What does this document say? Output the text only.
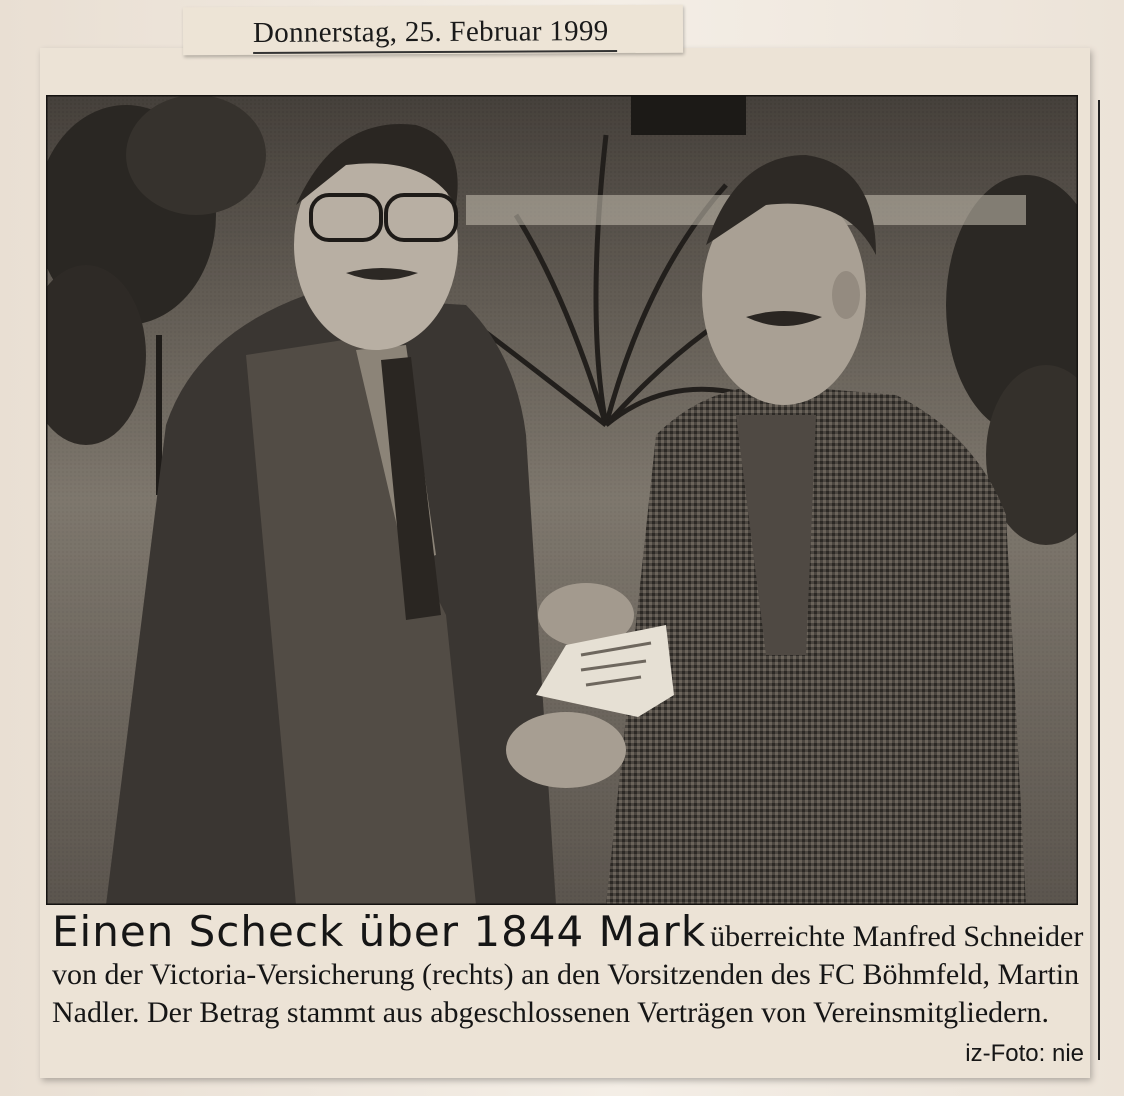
Donnerstag, 25. Februar 1999
Einen Scheck über 1844 Mark überreichte Manfred Schneider von der Victoria-Versicherung (rechts) an den Vorsitzenden des FC Böhmfeld, Martin Nadler. Der Betrag stammt aus abgeschlossenen Verträgen von Vereinsmitgliedern.
iz-Foto: nie
